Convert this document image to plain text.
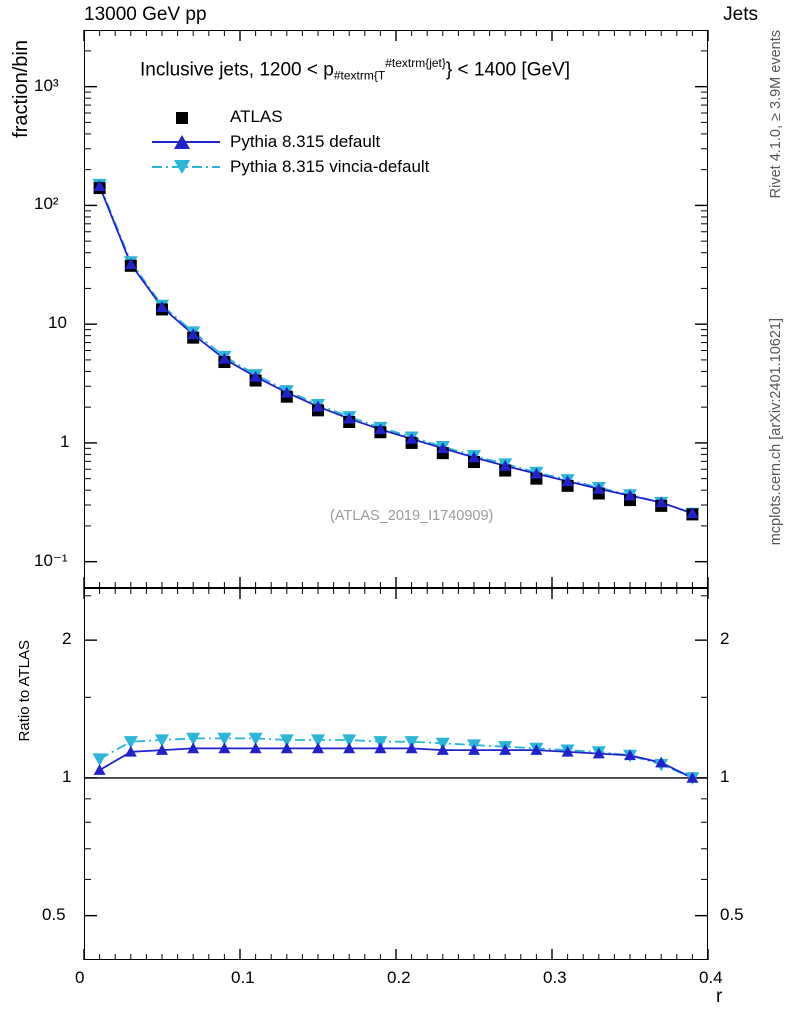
13000 GeV pp	Jets
fraction/bin
Ratio to ATLAS
r
Rivet 4.1.0, ≥ 3.9M events
mcplots.cern.ch [arXiv:2401.10621]
Inclusive jets, $1200 < p_{\#textrm\{T}^{\#textrm\{jet\}}\} < 1400$ [GeV]
ATLAS
Pythia 8.315 default
Pythia 8.315 vincia-default
(ATLAS_2019_I1740909)
0	0.1	0.2	0.3	0.4
10⁻¹
1
10
10²
10³
0.5	0.5
1	1
2	2
